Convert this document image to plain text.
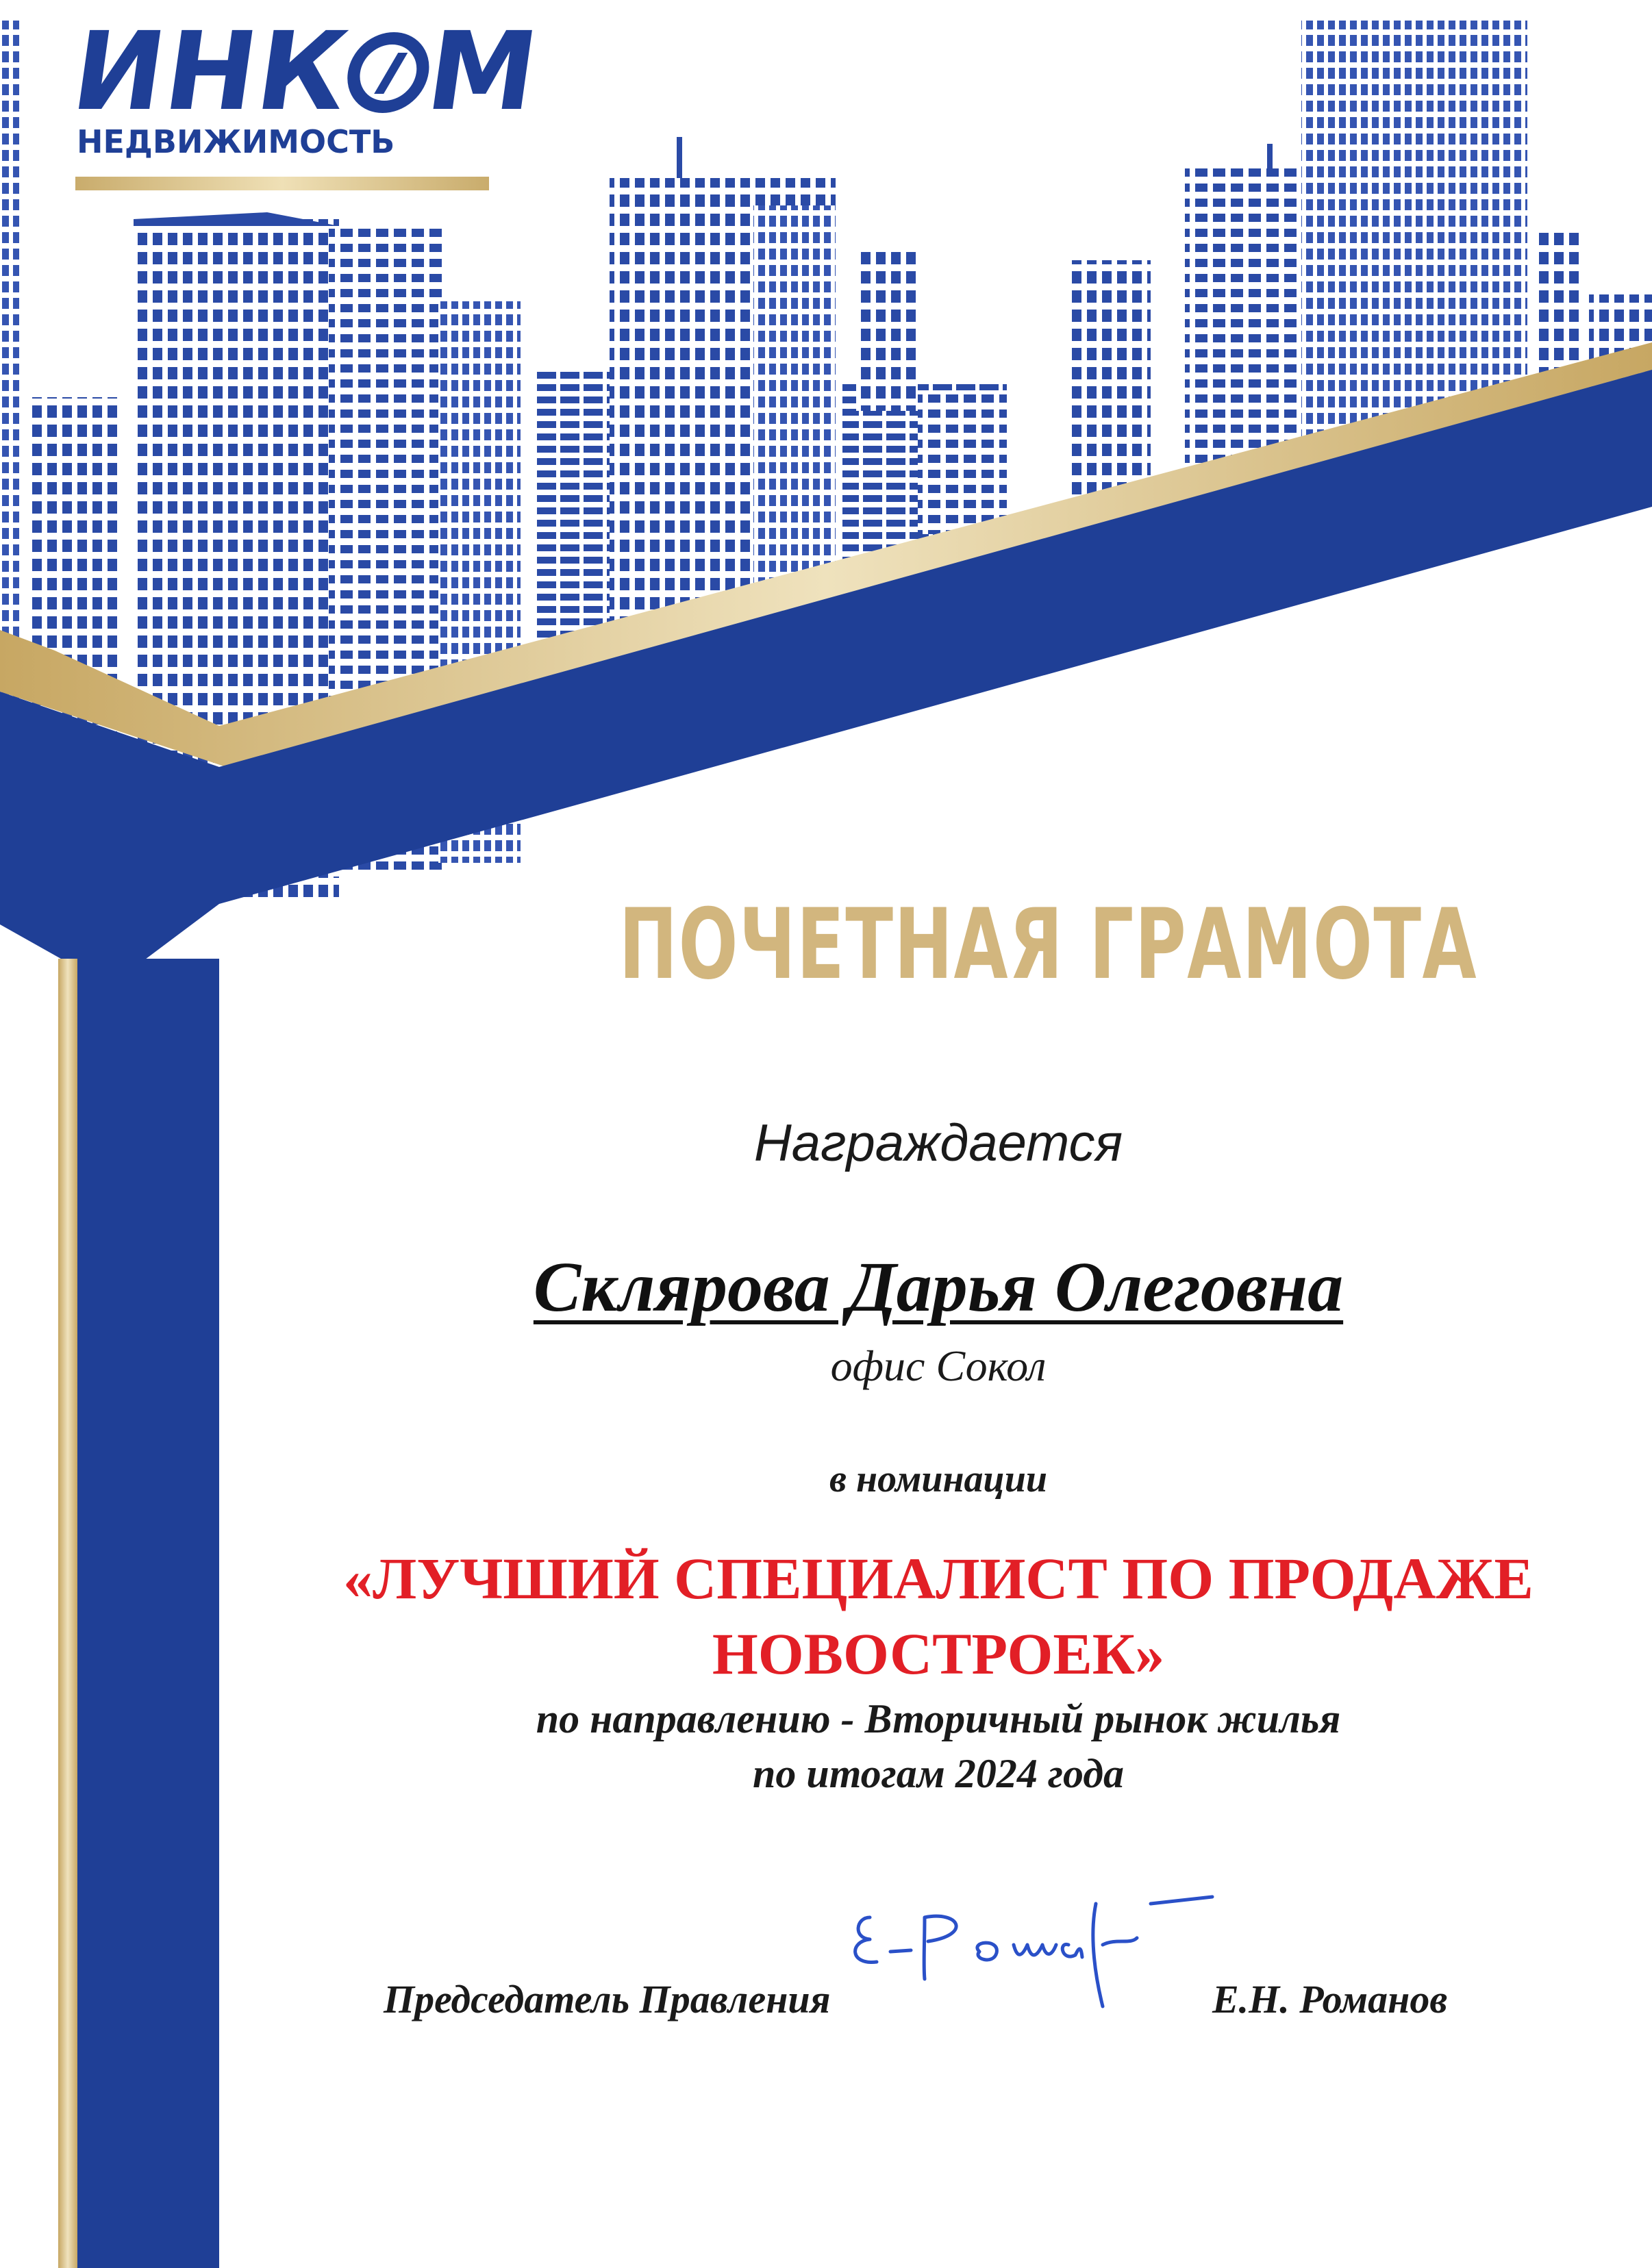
ИНК М
НЕДВИЖИМОСТЬ
ПОЧЕТНАЯ ГРАМОТА
Награждается
Склярова Дарья Олеговна
офис Сокол
в номинации
«ЛУЧШИЙ СПЕЦИАЛИСТ ПО ПРОДАЖЕ
НОВОСТРОЕК»
по направлению - Вторичный рынок жилья
по итогам 2024 года
Председатель Правления	Е.Н. Романов
